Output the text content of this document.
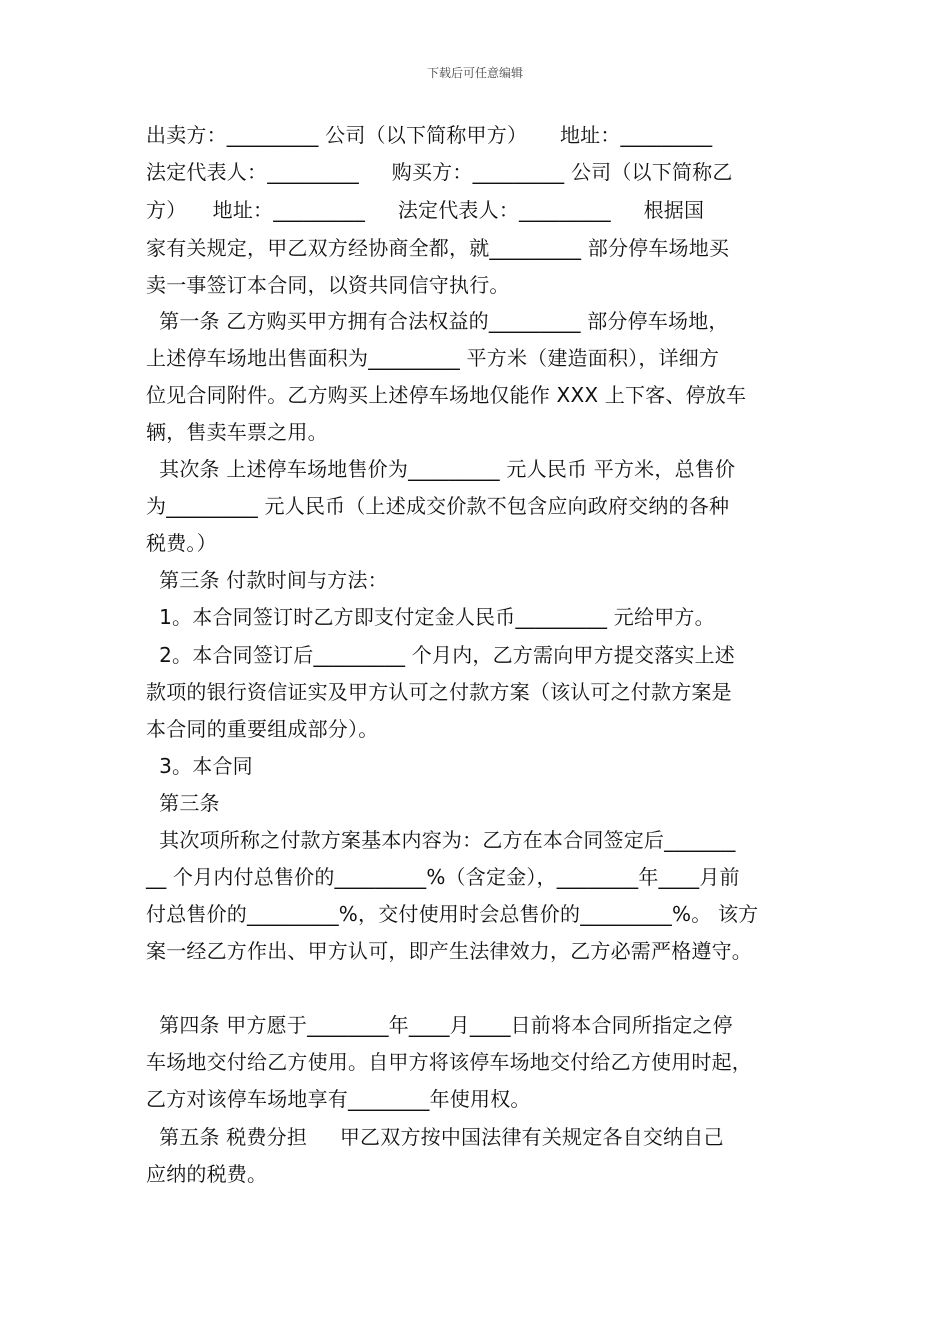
下载后可任意编辑
出卖方：_________ 公司（以下简称甲方）     地址：_________
法定代表人：_________     购买方：_________ 公司（以下简称乙
方）    地址：_________     法定代表人：_________     根据国
家有关规定，甲乙双方经协商全都，就_________ 部分停车场地买
卖一事签订本合同，以资共同信守执行。
第一条 乙方购买甲方拥有合法权益的_________ 部分停车场地，
上述停车场地出售面积为_________ 平方米（建造面积），详细方
位见合同附件。乙方购买上述停车场地仅能作 XXX 上下客、停放车
辆，售卖车票之用。
其次条 上述停车场地售价为_________ 元人民币 平方米，总售价
为_________ 元人民币（上述成交价款不包含应向政府交纳的各种
税费。）
第三条 付款时间与方法：
1。本合同签订时乙方即支付定金人民币_________ 元给甲方。
2。本合同签订后_________ 个月内，乙方需向甲方提交落实上述
款项的银行资信证实及甲方认可之付款方案（该认可之付款方案是
本合同的重要组成部分）。
3。本合同
第三条
其次项所称之付款方案基本内容为：乙方在本合同签定后_______
__ 个月内付总售价的_________%（含定金），________年____月前
付总售价的_________%，交付使用时会总售价的_________%。 该方
案一经乙方作出、甲方认可，即产生法律效力，乙方必需严格遵守。
第四条 甲方愿于________年____月____日前将本合同所指定之停
车场地交付给乙方使用。自甲方将该停车场地交付给乙方使用时起，
乙方对该停车场地享有________年使用权。
第五条 税费分担     甲乙双方按中国法律有关规定各自交纳自己
应纳的税费。
